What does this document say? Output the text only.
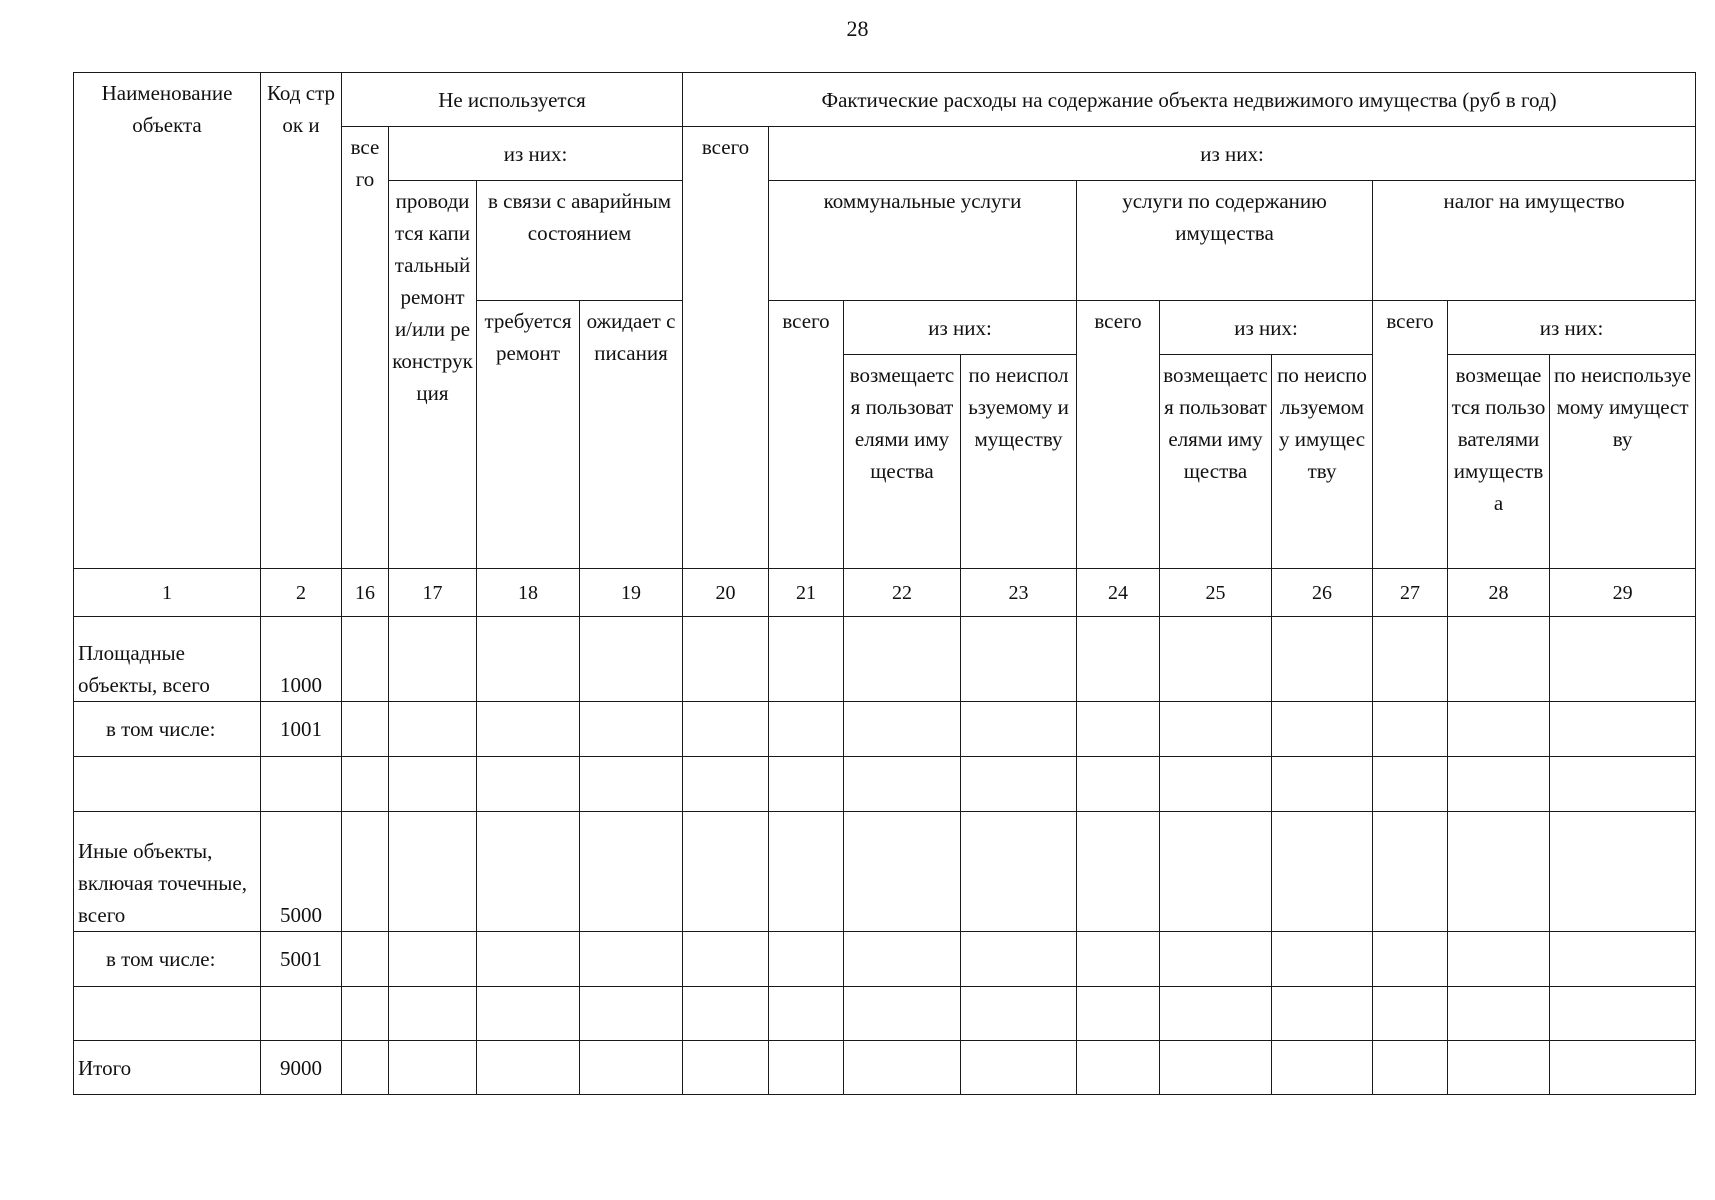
28
Наименование объекта	Код строк и	Не используется				Фактические расходы на содержание объекта недвижимого имущества (руб в год)									
		все го	из них:			всего	из них:								
			проводится капитальный ремонт и/или реконструкция	в связи с аварийным состоянием			коммунальные услуги			услуги по содержанию имущества			налог на имущество		

				требуется ремонт	ожидает списания		всего	из них:		всего	из них:		всего	из них:	
								возмещается пользователями имущества	по неиспользуемому имуществу		возмещается пользователями имущества	по неиспользуемому имуществу		возмещается пользователями имущества	по неиспользуемому имуществу
1	2	16	17	18	19	20	21	22	23	24	25	26	27	28	29
Площадные объекты, всего	1000														
в том числе:	1001														

Иные объекты, включая точечные, всего	5000														
в том числе:	5001														

Итого	9000														
